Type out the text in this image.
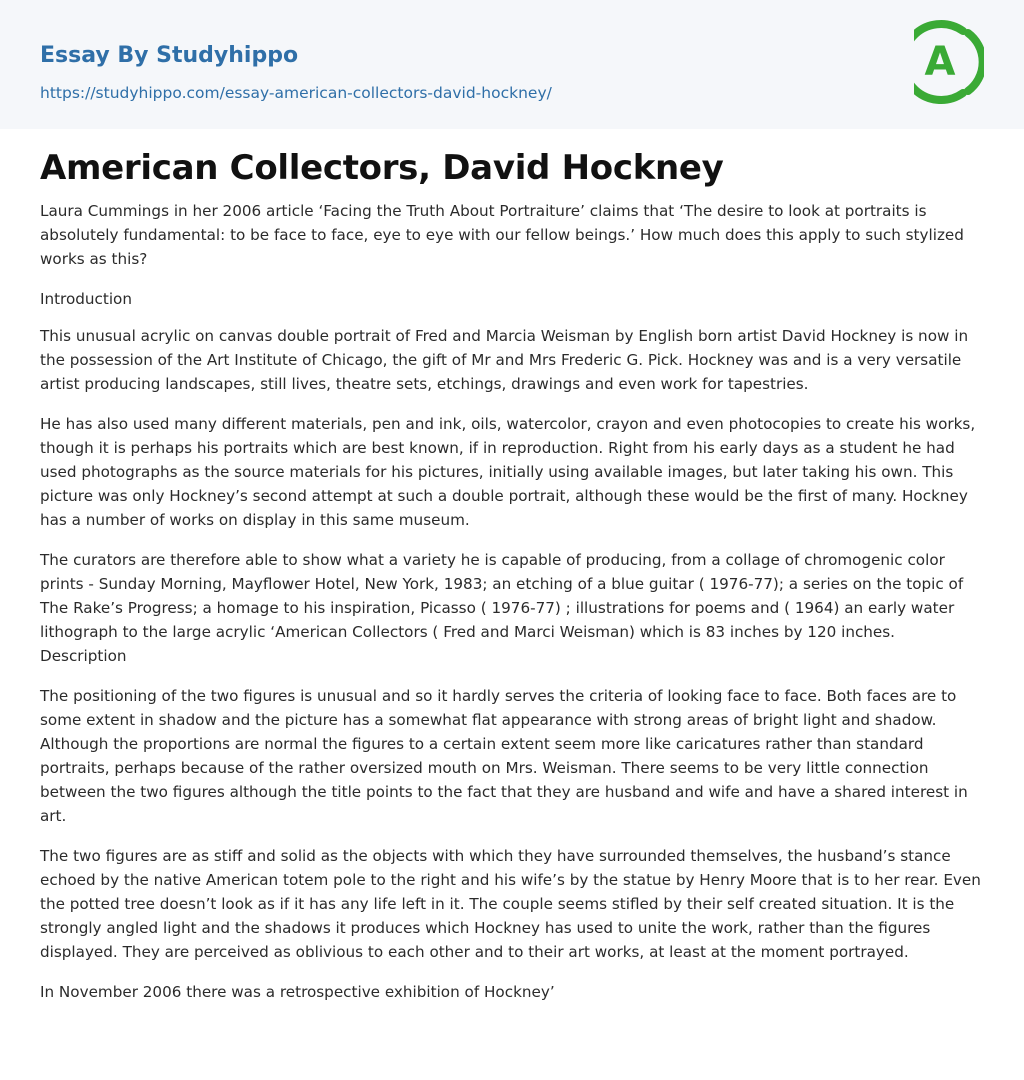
Essay By Studyhippo
https://studyhippo.com/essay-american-collectors-david-hockney/
A
American Collectors, David Hockney

Laura Cummings in her 2006 article ‘Facing the Truth About Portraiture’ claims that ‘The desire to look at portraits is absolutely fundamental: to be face to face, eye to eye with our fellow beings.’ How much does this apply to such stylized works as this?

Introduction

This unusual acrylic on canvas double portrait of Fred and Marcia Weisman by English born artist David Hockney is now in the possession of the Art Institute of Chicago, the gift of Mr and Mrs Frederic G. Pick. Hockney was and is a very versatile artist producing landscapes, still lives, theatre sets, etchings, drawings and even work for tapestries.

He has also used many different materials, pen and ink, oils, watercolor, crayon and even photocopies to create his works, though it is perhaps his portraits which are best known, if in reproduction. Right from his early days as a student he had used photographs as the source materials for his pictures, initially using available images, but later taking his own. This picture was only Hockney’s second attempt at such a double portrait, although these would be the first of many. Hockney has a number of works on display in this same museum.

The curators are therefore able to show what a variety he is capable of producing, from a collage of chromogenic color prints - Sunday Morning, Mayflower Hotel, New York, 1983; an etching of a blue guitar ( 1976-77); a series on the topic of The Rake’s Progress; a homage to his inspiration, Picasso ( 1976-77) ; illustrations for poems and ( 1964) an early water lithograph to the large acrylic ‘American Collectors ( Fred and Marci Weisman) which is 83 inches by 120 inches. Description

The positioning of the two figures is unusual and so it hardly serves the criteria of looking face to face. Both faces are to some extent in shadow and the picture has a somewhat flat appearance with strong areas of bright light and shadow. Although the proportions are normal the figures to a certain extent seem more like caricatures rather than standard portraits, perhaps because of the rather oversized mouth on Mrs. Weisman. There seems to be very little connection between the two figures although the title points to the fact that they are husband and wife and have a shared interest in art.

The two figures are as stiff and solid as the objects with which they have surrounded themselves, the husband’s stance echoed by the native American totem pole to the right and his wife’s by the statue by Henry Moore that is to her rear. Even the potted tree doesn’t look as if it has any life left in it. The couple seems stifled by their self created situation. It is the strongly angled light and the shadows it produces which Hockney has used to unite the work, rather than the figures displayed. They are perceived as oblivious to each other and to their art works, at least at the moment portrayed.

In November 2006 there was a retrospective exhibition of Hockney’
